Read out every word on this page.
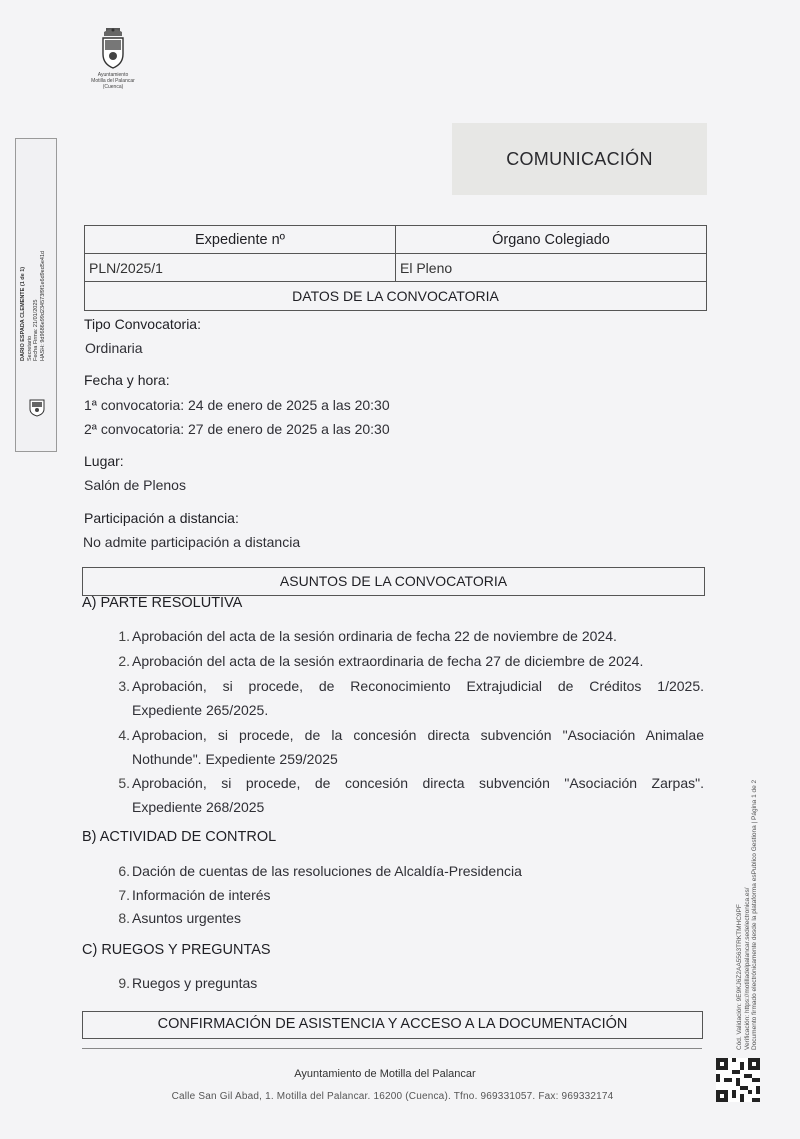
Ayuntamiento
Motilla del Palancar
(Cuenca)
COMUNICACIÓN
DARIO ESPADA CLEMENTE (1 de 1) Secretario Fecha Firma: 21/01/2025 HASH: 9d9686e99d234573f9f1e6d9ed5e41d
Expediente nº	Órgano Colegiado
PLN/2025/1	El Pleno
DATOS DE LA CONVOCATORIA	
Tipo Convocatoria:
Ordinaria
Fecha y hora:
1ª convocatoria: 24 de enero de 2025 a las 20:30
2ª convocatoria: 27 de enero de 2025 a las 20:30
Lugar:
Salón de Plenos
Participación a distancia:
No admite participación a distancia
ASUNTOS DE LA CONVOCATORIA
A) PARTE RESOLUTIVA
1. Aprobación del acta de la sesión ordinaria de fecha 22 de noviembre de 2024.
2. Aprobación del acta de la sesión extraordinaria de fecha 27 de diciembre de 2024.
3. Aprobación, si procede, de Reconocimiento Extrajudicial de Créditos 1/2025.
Expediente 265/2025.
4. Aprobacion, si procede, de la concesión directa subvención "Asociación Animalae
Nothunde". Expediente 259/2025
5. Aprobación, si procede, de concesión directa subvención "Asociación Zarpas".
Expediente 268/2025
B) ACTIVIDAD DE CONTROL
6. Dación de cuentas de las resoluciones de Alcaldía-Presidencia
7. Información de interés
8. Asuntos urgentes
C) RUEGOS Y PREGUNTAS
9. Ruegos y preguntas
CONFIRMACIÓN DE ASISTENCIA Y ACCESO A LA DOCUMENTACIÓN
Ayuntamiento de Motilla del Palancar
Calle San Gil Abad, 1. Motilla del Palancar. 16200 (Cuenca). Tfno. 969331057. Fax: 969332174
Cód. Validación: 9E9KJ6Z2AA5563TRKTMHC9PF Verificación: https://motilladelpalancar.sedelectronica.es/ Documento firmado electrónicamente desde la plataforma esPublico Gestiona | Página 1 de 2
